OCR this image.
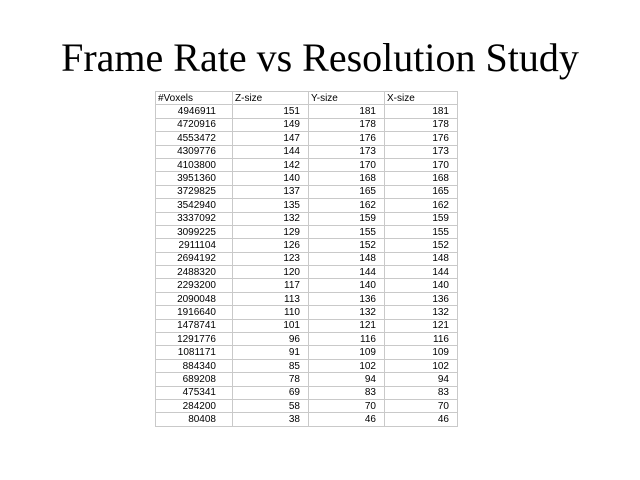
Frame Rate vs Resolution Study
#Voxels	Z-size	Y-size	X-size
4946911	151	181	181
4720916	149	178	178
4553472	147	176	176
4309776	144	173	173
4103800	142	170	170
3951360	140	168	168
3729825	137	165	165
3542940	135	162	162
3337092	132	159	159
3099225	129	155	155
2911104	126	152	152
2694192	123	148	148
2488320	120	144	144
2293200	117	140	140
2090048	113	136	136
1916640	110	132	132
1478741	101	121	121
1291776	96	116	116
1081171	91	109	109
884340	85	102	102
689208	78	94	94
475341	69	83	83
284200	58	70	70
80408	38	46	46
